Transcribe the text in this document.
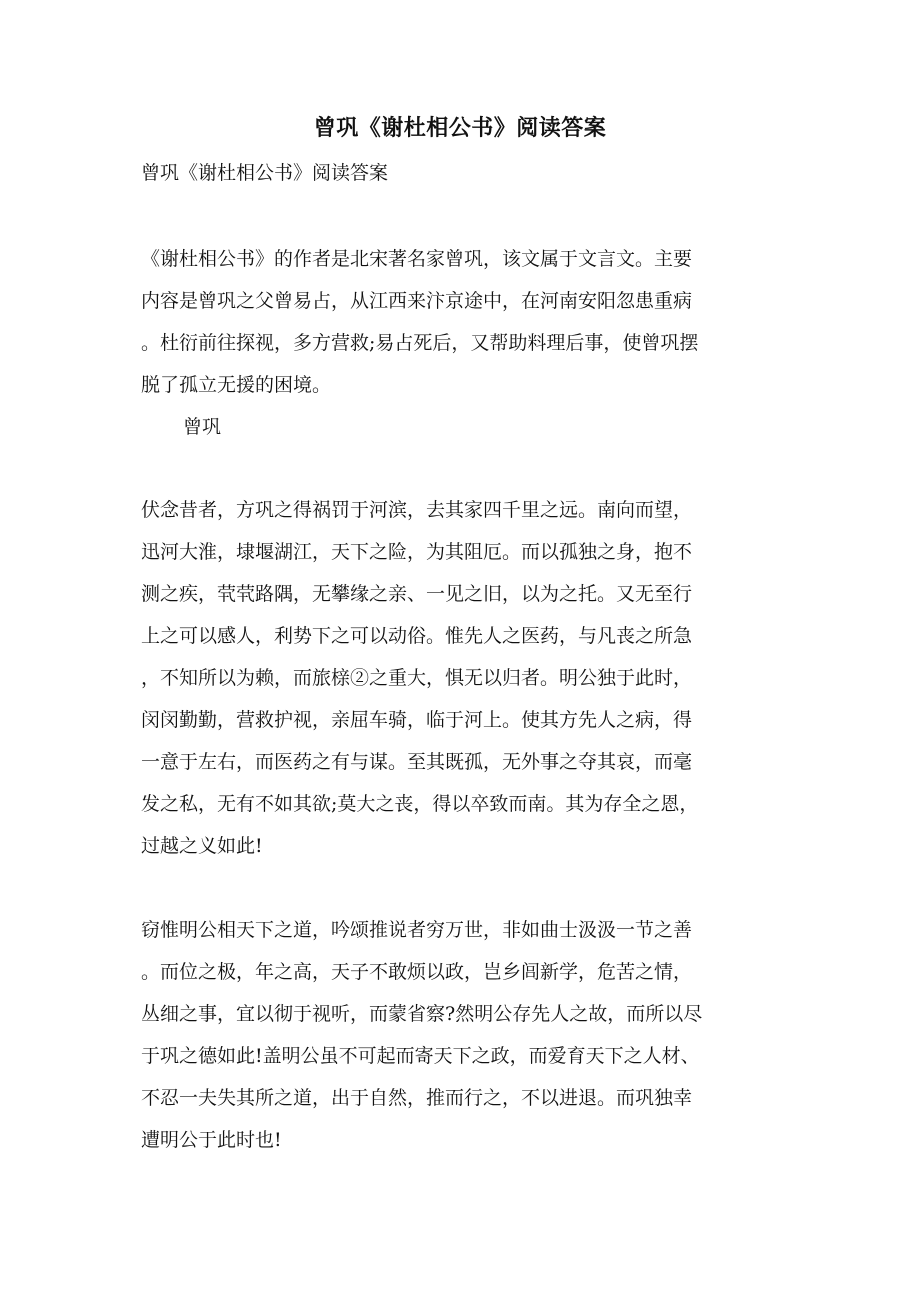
曾巩《谢杜相公书》阅读答案
曾巩《谢杜相公书》阅读答案
《谢杜相公书》的作者是北宋著名家曾巩，该文属于文言文。主要
内容是曾巩之父曾易占，从江西来汴京途中，在河南安阳忽患重病
。杜衍前往探视，多方营救;易占死后，又帮助料理后事，使曾巩摆
脱了孤立无援的困境。
曾巩
伏念昔者，方巩之得祸罚于河滨，去其家四千里之远。南向而望，
迅河大淮，埭堰湖江，天下之险，为其阻厄。而以孤独之身，抱不
测之疾，茕茕路隅，无攀缘之亲、一见之旧，以为之托。又无至行
上之可以感人，利势下之可以动俗。惟先人之医药，与凡丧之所急
，不知所以为赖，而旅榇②之重大，惧无以归者。明公独于此时，
闵闵勤勤，营救护视，亲屈车骑，临于河上。使其方先人之病，得
一意于左右，而医药之有与谋。至其既孤，无外事之夺其哀，而毫
发之私，无有不如其欲;莫大之丧，得以卒致而南。其为存全之恩，
过越之义如此!
窃惟明公相天下之道，吟颂推说者穷万世，非如曲士汲汲一节之善
。而位之极，年之高，天子不敢烦以政，岂乡闾新学，危苦之情，
丛细之事，宜以彻于视听，而蒙省察?然明公存先人之故，而所以尽
于巩之德如此!盖明公虽不可起而寄天下之政，而爱育天下之人材、
不忍一夫失其所之道，出于自然，推而行之，不以进退。而巩独幸
遭明公于此时也!
